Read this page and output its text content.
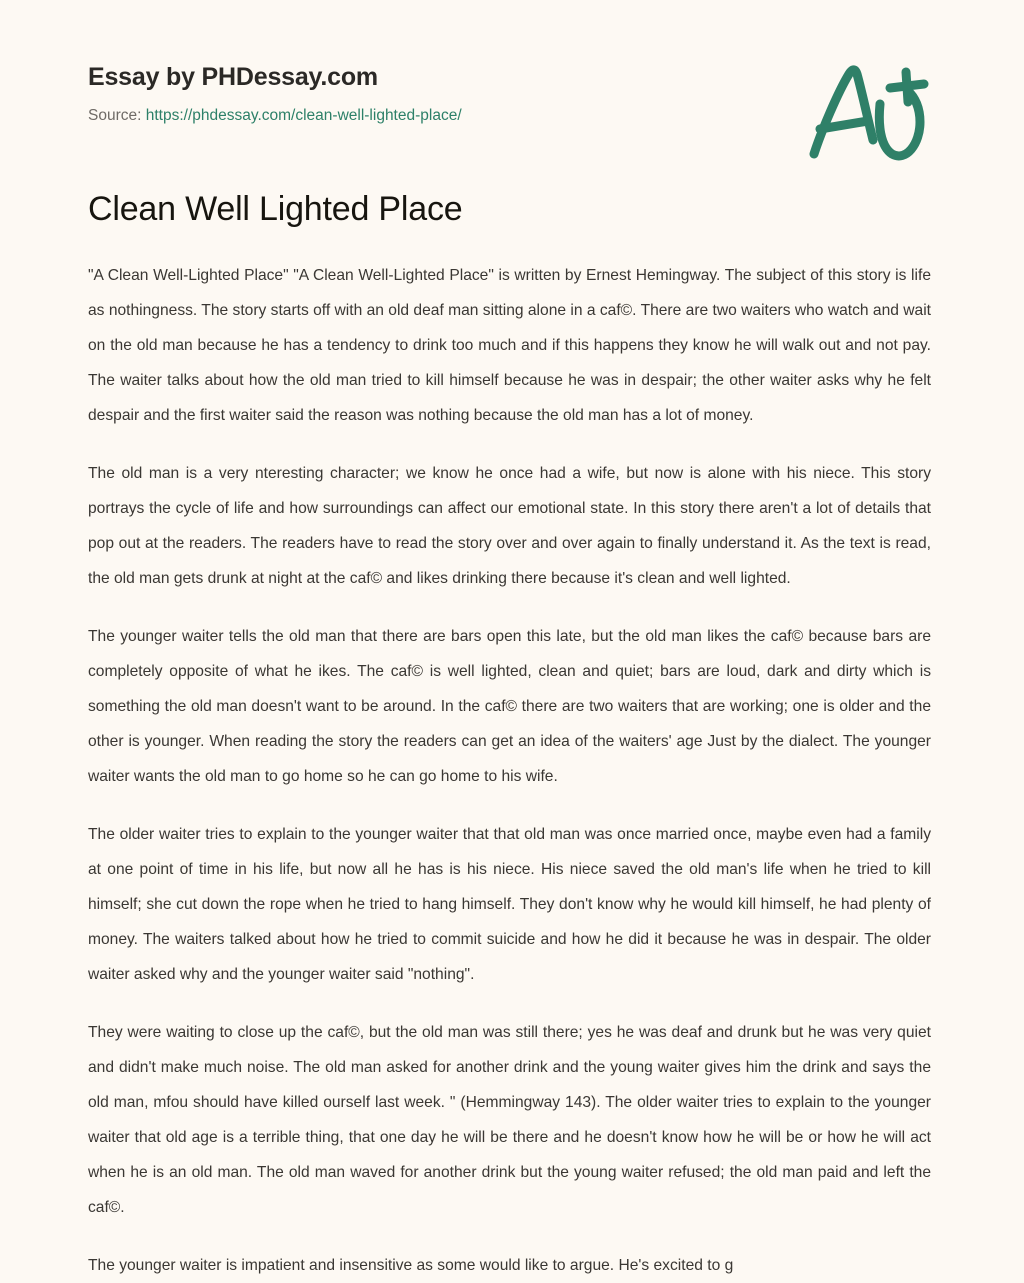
Essay by PHDessay.com
Source: https://phdessay.com/clean-well-lighted-place/
Clean Well Lighted Place

"A Clean Well-Lighted Place" "A Clean Well-Lighted Place" is written by Ernest Hemingway. The subject of this story is life as nothingness. The story starts off with an old deaf man sitting alone in a caf©. There are two waiters who watch and wait on the old man because he has a tendency to drink too much and if this happens they know he will walk out and not pay. The waiter talks about how the old man tried to kill himself because he was in despair; the other waiter asks why he felt despair and the first waiter said the reason was nothing because the old man has a lot of money.

The old man is a very nteresting character; we know he once had a wife, but now is alone with his niece. This story portrays the cycle of life and how surroundings can affect our emotional state. In this story there aren't a lot of details that pop out at the readers. The readers have to read the story over and over again to finally understand it. As the text is read, the old man gets drunk at night at the caf© and likes drinking there because it's clean and well lighted.

The younger waiter tells the old man that there are bars open this late, but the old man likes the caf© because bars are completely opposite of what he ikes. The caf© is well lighted, clean and quiet; bars are loud, dark and dirty which is something the old man doesn't want to be around. In the caf© there are two waiters that are working; one is older and the other is younger. When reading the story the readers can get an idea of the waiters' age Just by the dialect. The younger waiter wants the old man to go home so he can go home to his wife.

The older waiter tries to explain to the younger waiter that that old man was once married once, maybe even had a family at one point of time in his life, but now all he has is his niece. His niece saved the old man's life when he tried to kill himself; she cut down the rope when he tried to hang himself. They don't know why he would kill himself, he had plenty of money. The waiters talked about how he tried to commit suicide and how he did it because he was in despair. The older waiter asked why and the younger waiter said "nothing".

They were waiting to close up the caf©, but the old man was still there; yes he was deaf and drunk but he was very quiet and didn't make much noise. The old man asked for another drink and the young waiter gives him the drink and says the old man, mfou should have killed ourself last week. " (Hemmingway 143). The older waiter tries to explain to the younger waiter that old age is a terrible thing, that one day he will be there and he doesn't know how he will be or how he will act when he is an old man. The old man waved for another drink but the young waiter refused; the old man paid and left the caf©.

The younger waiter is impatient and insensitive as some would like to argue. He's excited to g
